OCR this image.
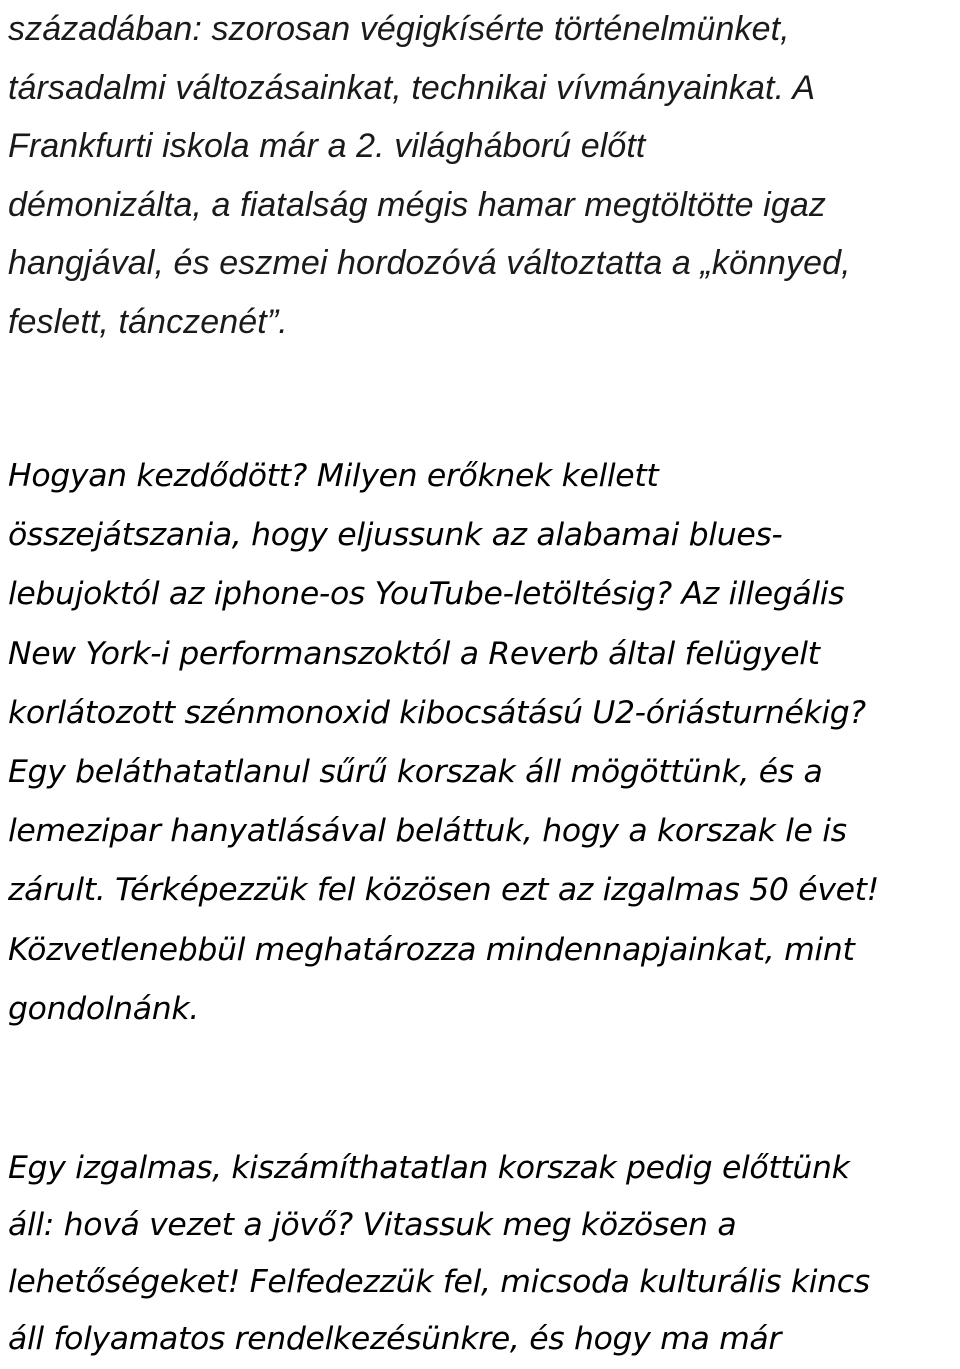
századában: szorosan végigkísérte történelmünket,
társadalmi változásainkat, technikai vívmányainkat. A
Frankfurti iskola már a 2. világháború előtt
démonizálta, a fiatalság mégis hamar megtöltötte igaz
hangjával, és eszmei hordozóvá változtatta a „könnyed,
feslett, tánczenét”.
Hogyan kezdődött? Milyen erőknek kellett
összejátszania, hogy eljussunk az alabamai blues-
lebujoktól az iphone-os YouTube-letöltésig? Az illegális
New York-i performanszoktól a Reverb által felügyelt
korlátozott szénmonoxid kibocsátású U2-óriásturnékig?
Egy beláthatatlanul sűrű korszak áll mögöttünk, és a
lemezipar hanyatlásával beláttuk, hogy a korszak le is
zárult. Térképezzük fel közösen ezt az izgalmas 50 évet!
Közvetlenebbül meghatározza mindennapjainkat, mint
gondolnánk.
Egy izgalmas, kiszámíthatatlan korszak pedig előttünk
áll: hová vezet a jövő? Vitassuk meg közösen a
lehetőségeket! Felfedezzük fel, micsoda kulturális kincs
áll folyamatos rendelkezésünkre, és hogy ma már
